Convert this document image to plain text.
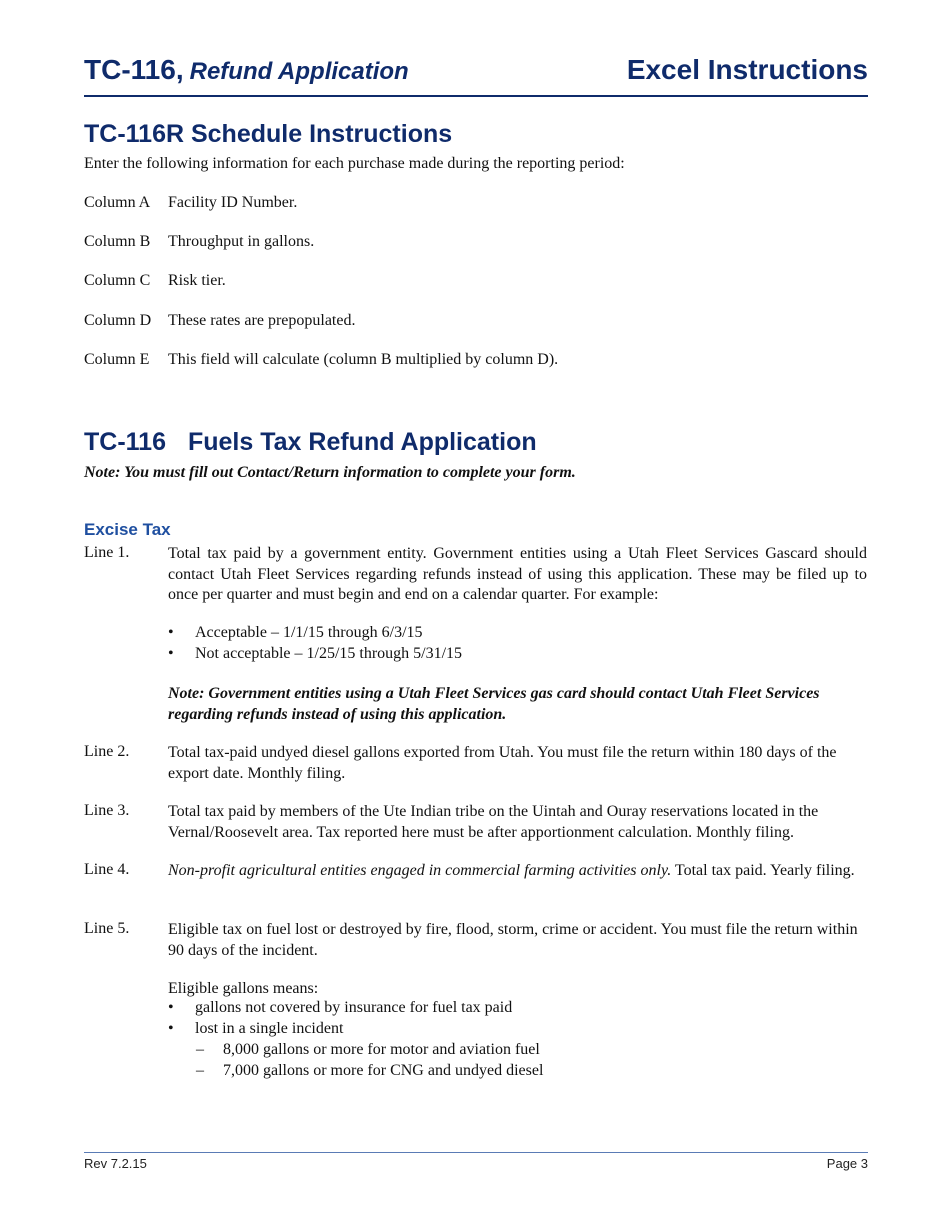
TC-116, Refund Application	Excel Instructions
TC-116R Schedule Instructions
Enter the following information for each purchase made during the reporting period:
Column A Facility ID Number.
Column B Throughput in gallons.
Column C Risk tier.
Column D These rates are prepopulated.
Column E This field will calculate (column B multiplied by column D).
TC-116 Fuels Tax Refund Application
Note: You must fill out Contact/Return information to complete your form.
Excise Tax
Line 1. Total tax paid by a government entity. Government entities using a Utah Fleet Services Gascard should contact Utah Fleet Services regarding refunds instead of using this application. These may be filed up to once per quarter and must begin and end on a calendar quarter. For example:
• Acceptable – 1/1/15 through 6/3/15
• Not acceptable – 1/25/15 through 5/31/15
Note: Government entities using a Utah Fleet Services gas card should contact Utah Fleet Services regarding refunds instead of using this application.
Line 2. Total tax-paid undyed diesel gallons exported from Utah. You must file the return within 180 days of the export date. Monthly filing.
Line 3. Total tax paid by members of the Ute Indian tribe on the Uintah and Ouray reservations located in the Vernal/Roosevelt area. Tax reported here must be after apportionment calculation. Monthly filing.
Line 4. Non-profit agricultural entities engaged in commercial farming activities only. Total tax paid. Yearly filing.
Line 5. Eligible tax on fuel lost or destroyed by fire, flood, storm, crime or accident. You must file the return within 90 days of the incident.
Eligible gallons means:
• gallons not covered by insurance for fuel tax paid
• lost in a single incident
– 8,000 gallons or more for motor and aviation fuel
– 7,000 gallons or more for CNG and undyed diesel
Rev 7.2.15	Page 3
